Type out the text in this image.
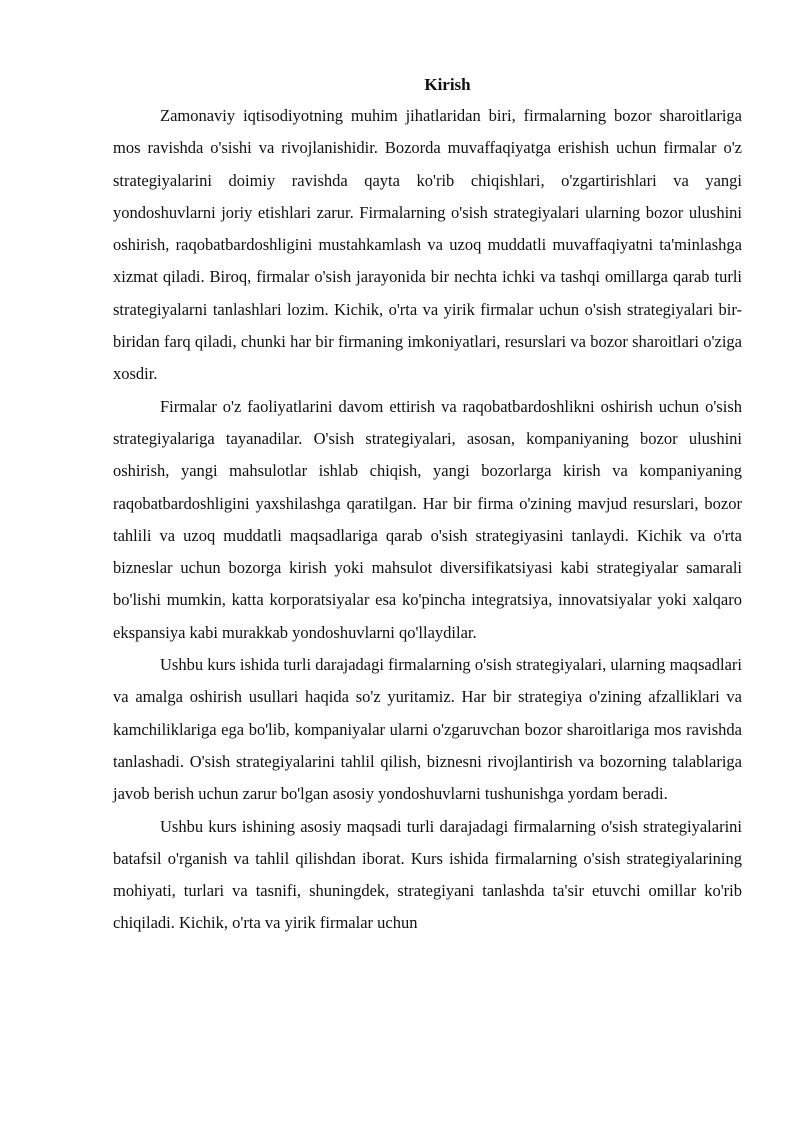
Kirish

Zamonaviy iqtisodiyotning muhim jihatlaridan biri, firmalarning bozor sharoitlariga mos ravishda o'sishi va rivojlanishidir. Bozorda muvaffaqiyatga erishish uchun firmalar o'z strategiyalarini doimiy ravishda qayta ko'rib chiqishlari, o'zgartirishlari va yangi yondoshuvlarni joriy etishlari zarur. Firmalarning o'sish strategiyalari ularning bozor ulushini oshirish, raqobatbardoshligini mustahkamlash va uzoq muddatli muvaffaqiyatni ta'minlashga xizmat qiladi. Biroq, firmalar o'sish jarayonida bir nechta ichki va tashqi omillarga qarab turli strategiyalarni tanlashlari lozim. Kichik, o'rta va yirik firmalar uchun o'sish strategiyalari bir-biridan farq qiladi, chunki har bir firmaning imkoniyatlari, resurslari va bozor sharoitlari o'ziga xosdir.

Firmalar o'z faoliyatlarini davom ettirish va raqobatbardoshlikni oshirish uchun o'sish strategiyalariga tayanadilar. O'sish strategiyalari, asosan, kompaniyaning bozor ulushini oshirish, yangi mahsulotlar ishlab chiqish, yangi bozorlarga kirish va kompaniyaning raqobatbardoshligini yaxshilashga qaratilgan. Har bir firma o'zining mavjud resurslari, bozor tahlili va uzoq muddatli maqsadlariga qarab o'sish strategiyasini tanlaydi. Kichik va o'rta bizneslar uchun bozorga kirish yoki mahsulot diversifikatsiyasi kabi strategiyalar samarali bo'lishi mumkin, katta korporatsiyalar esa ko'pincha integratsiya, innovatsiyalar yoki xalqaro ekspansiya kabi murakkab yondoshuvlarni qo'llaydilar.

Ushbu kurs ishida turli darajadagi firmalarning o'sish strategiyalari, ularning maqsadlari va amalga oshirish usullari haqida so'z yuritamiz. Har bir strategiya o'zining afzalliklari va kamchiliklariga ega bo'lib, kompaniyalar ularni o'zgaruvchan bozor sharoitlariga mos ravishda tanlashadi. O'sish strategiyalarini tahlil qilish, biznesni rivojlantirish va bozorning talablariga javob berish uchun zarur bo'lgan asosiy yondoshuvlarni tushunishga yordam beradi.

Ushbu kurs ishining asosiy maqsadi turli darajadagi firmalarning o'sish strategiyalarini batafsil o'rganish va tahlil qilishdan iborat. Kurs ishida firmalarning o'sish strategiyalarining mohiyati, turlari va tasnifi, shuningdek, strategiyani tanlashda ta'sir etuvchi omillar ko'rib chiqiladi. Kichik, o'rta va yirik firmalar uchun
